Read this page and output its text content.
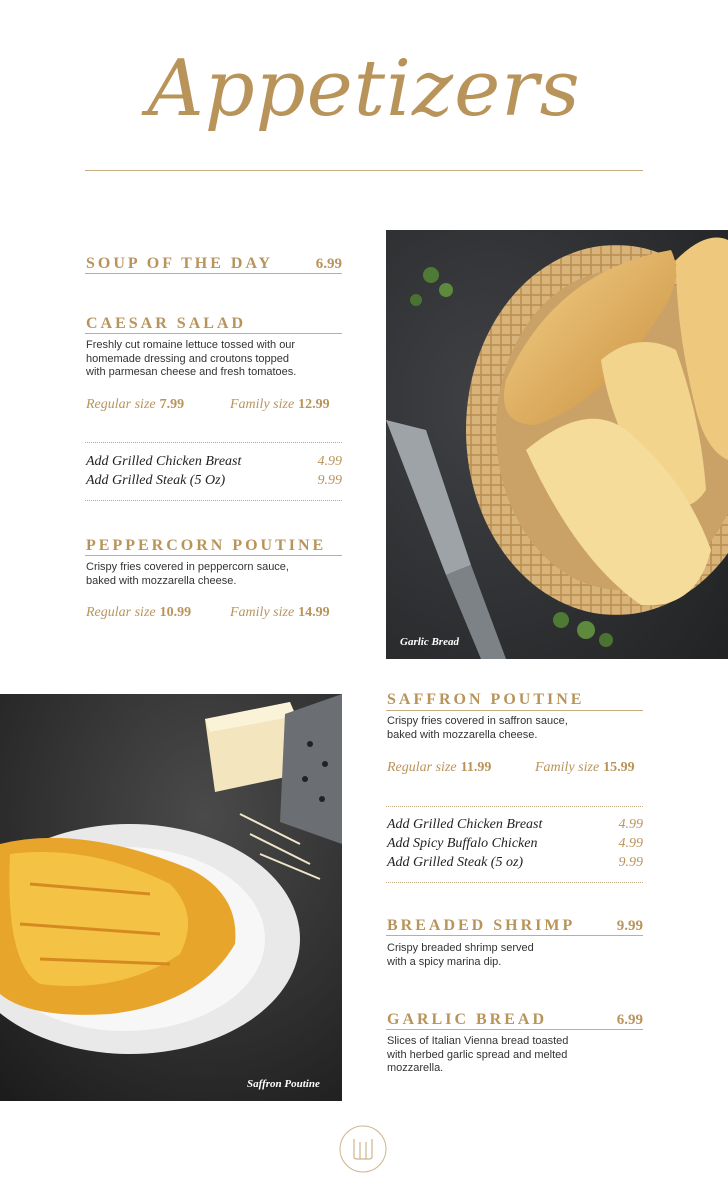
Appetizers
SOUP OF THE DAY	6.99
CAESAR SALAD
Freshly cut romaine lettuce tossed with our
homemade dressing and croutons topped
with parmesan cheese and fresh tomatoes.
Regular size 7.99	Family size 12.99
Add Grilled Chicken Breast	4.99
Add Grilled Steak (5 Oz)	9.99
PEPPERCORN POUTINE
Crispy fries covered in peppercorn sauce,
baked with mozzarella cheese.
Regular size 10.99	Family size 14.99
Garlic Bread
Saffron Poutine
SAFFRON POUTINE
Crispy fries covered in saffron sauce,
baked with mozzarella cheese.
Regular size 11.99	Family size 15.99
Add Grilled Chicken Breast	4.99
Add Spicy Buffalo Chicken	4.99
Add Grilled Steak (5 oz)	9.99
BREADED SHRIMP	9.99
Crispy breaded shrimp served
with a spicy marina dip.
GARLIC BREAD	6.99
Slices of Italian Vienna bread toasted
with herbed garlic spread and melted
mozzarella.
